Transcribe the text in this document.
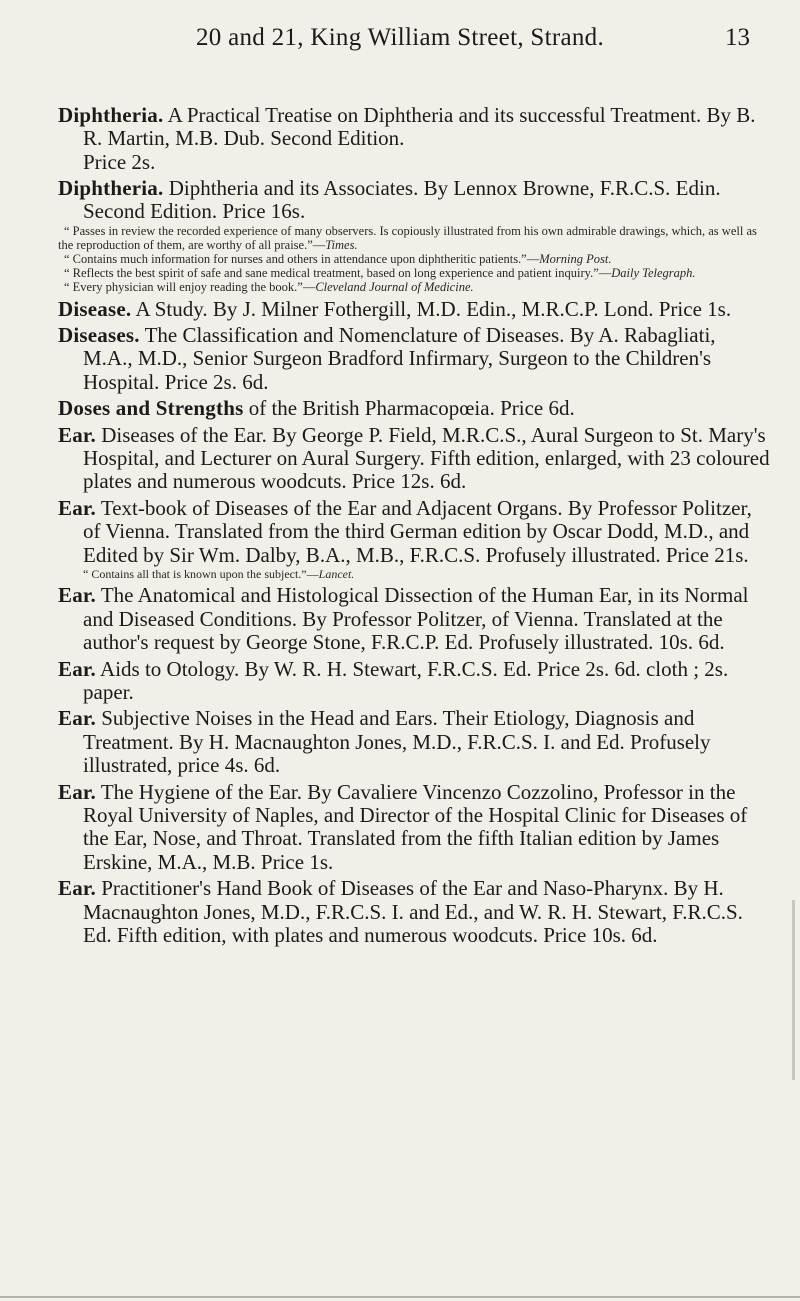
20 and 21, King William Street, Strand.	13

Diphtheria. A Practical Treatise on Diphtheria and its successful Treatment. By B. R. Martin, M.B. Dub. Second Edition.

Price 2s.

Diphtheria. Diphtheria and its Associates. By Lennox Browne, F.R.C.S. Edin. Second Edition. Price 16s.

“ Passes in review the recorded experience of many observers. Is copiously illustrated from his own admirable drawings, which, as well as the reproduction of them, are worthy of all praise.”—Times.

“ Contains much information for nurses and others in attendance upon diphtheritic patients.”—Morning Post.

“ Reflects the best spirit of safe and sane medical treatment, based on long experience and patient inquiry.”—Daily Telegraph.

“ Every physician will enjoy reading the book.”—Cleveland Journal of Medicine.

Disease. A Study. By J. Milner Fothergill, M.D. Edin., M.R.C.P. Lond. Price 1s.

Diseases. The Classification and Nomenclature of Diseases. By A. Rabagliati, M.A., M.D., Senior Surgeon Bradford Infirmary, Surgeon to the Children's Hospital. Price 2s. 6d.

Doses and Strengths of the British Pharmacopœia. Price 6d.

Ear. Diseases of the Ear. By George P. Field, M.R.C.S., Aural Surgeon to St. Mary's Hospital, and Lecturer on Aural Surgery. Fifth edition, enlarged, with 23 coloured plates and numerous woodcuts. Price 12s. 6d.

Ear. Text-book of Diseases of the Ear and Adjacent Organs. By Professor Politzer, of Vienna. Translated from the third German edition by Oscar Dodd, M.D., and Edited by Sir Wm. Dalby, B.A., M.B., F.R.C.S. Profusely illustrated. Price 21s.

“ Contains all that is known upon the subject.”—Lancet.

Ear. The Anatomical and Histological Dissection of the Human Ear, in its Normal and Diseased Conditions. By Professor Politzer, of Vienna. Translated at the author's request by George Stone, F.R.C.P. Ed. Profusely illustrated. 10s. 6d.

Ear. Aids to Otology. By W. R. H. Stewart, F.R.C.S. Ed. Price 2s. 6d. cloth ; 2s. paper.

Ear. Subjective Noises in the Head and Ears. Their Etiology, Diagnosis and Treatment. By H. Macnaughton Jones, M.D., F.R.C.S. I. and Ed. Profusely illustrated, price 4s. 6d.

Ear. The Hygiene of the Ear. By Cavaliere Vincenzo Cozzolino, Professor in the Royal University of Naples, and Director of the Hospital Clinic for Diseases of the Ear, Nose, and Throat. Translated from the fifth Italian edition by James Erskine, M.A., M.B. Price 1s.

Ear. Practitioner's Hand Book of Diseases of the Ear and Naso-Pharynx. By H. Macnaughton Jones, M.D., F.R.C.S. I. and Ed., and W. R. H. Stewart, F.R.C.S. Ed. Fifth edition, with plates and numerous woodcuts. Price 10s. 6d.
